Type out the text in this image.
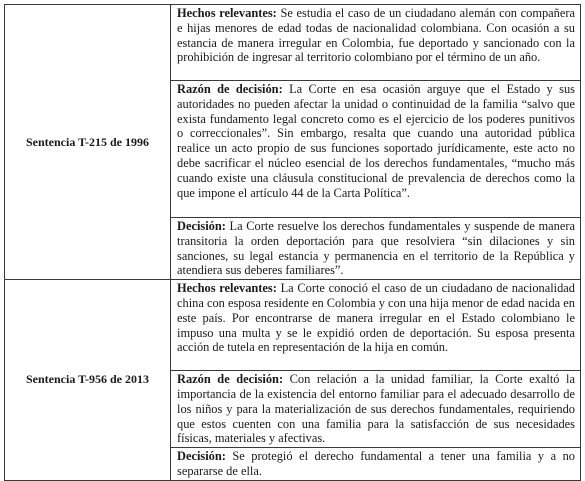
Sentencia T-215 de 1996	Hechos relevantes: Se estudia el caso de un ciudadano alemán con compañera e hijas menores de edad todas de nacionalidad colombiana. Con ocasión a su estancia de manera irregular en Colombia, fue deportado y sancionado con la prohibición de ingresar al territorio colombiano por el término de un año.

	Razón de decisión: La Corte en esa ocasión arguye que el Estado y sus autoridades no pueden afectar la unidad o continuidad de la familia “salvo que exista fundamento legal concreto como es el ejercicio de los poderes punitivos o correccionales”. Sin embargo, resalta que cuando una autoridad pública realice un acto propio de sus funciones soportado jurídicamente, este acto no debe sacrificar el núcleo esencial de los derechos fundamentales, “mucho más cuando existe una cláusula constitucional de prevalencia de derechos como la que impone el artículo 44 de la Carta Política”.

	Decisión: La Corte resuelve los derechos fundamentales y suspende de manera transitoria la orden deportación para que resolviera “sin dilaciones y sin sanciones, su legal estancia y permanencia en el territorio de la República y atendiera sus deberes familiares”.

Sentencia T-956 de 2013	Hechos relevantes: La Corte conoció el caso de un ciudadano de nacionalidad china con esposa residente en Colombia y con una hija menor de edad nacida en este país. Por encontrarse de manera irregular en el Estado colombiano le impuso una multa y se le expidió orden de deportación. Su esposa presenta acción de tutela en representación de la hija en común.

	Razón de decisión: Con relación a la unidad familiar, la Corte exaltó la importancia de la existencia del entorno familiar para el adecuado desarrollo de los niños y para la materialización de sus derechos fundamentales, requiriendo que estos cuenten con una familia para la satisfacción de sus necesidades físicas, materiales y afectivas.

	Decisión: Se protegió el derecho fundamental a tener una familia y a no separarse de ella.
